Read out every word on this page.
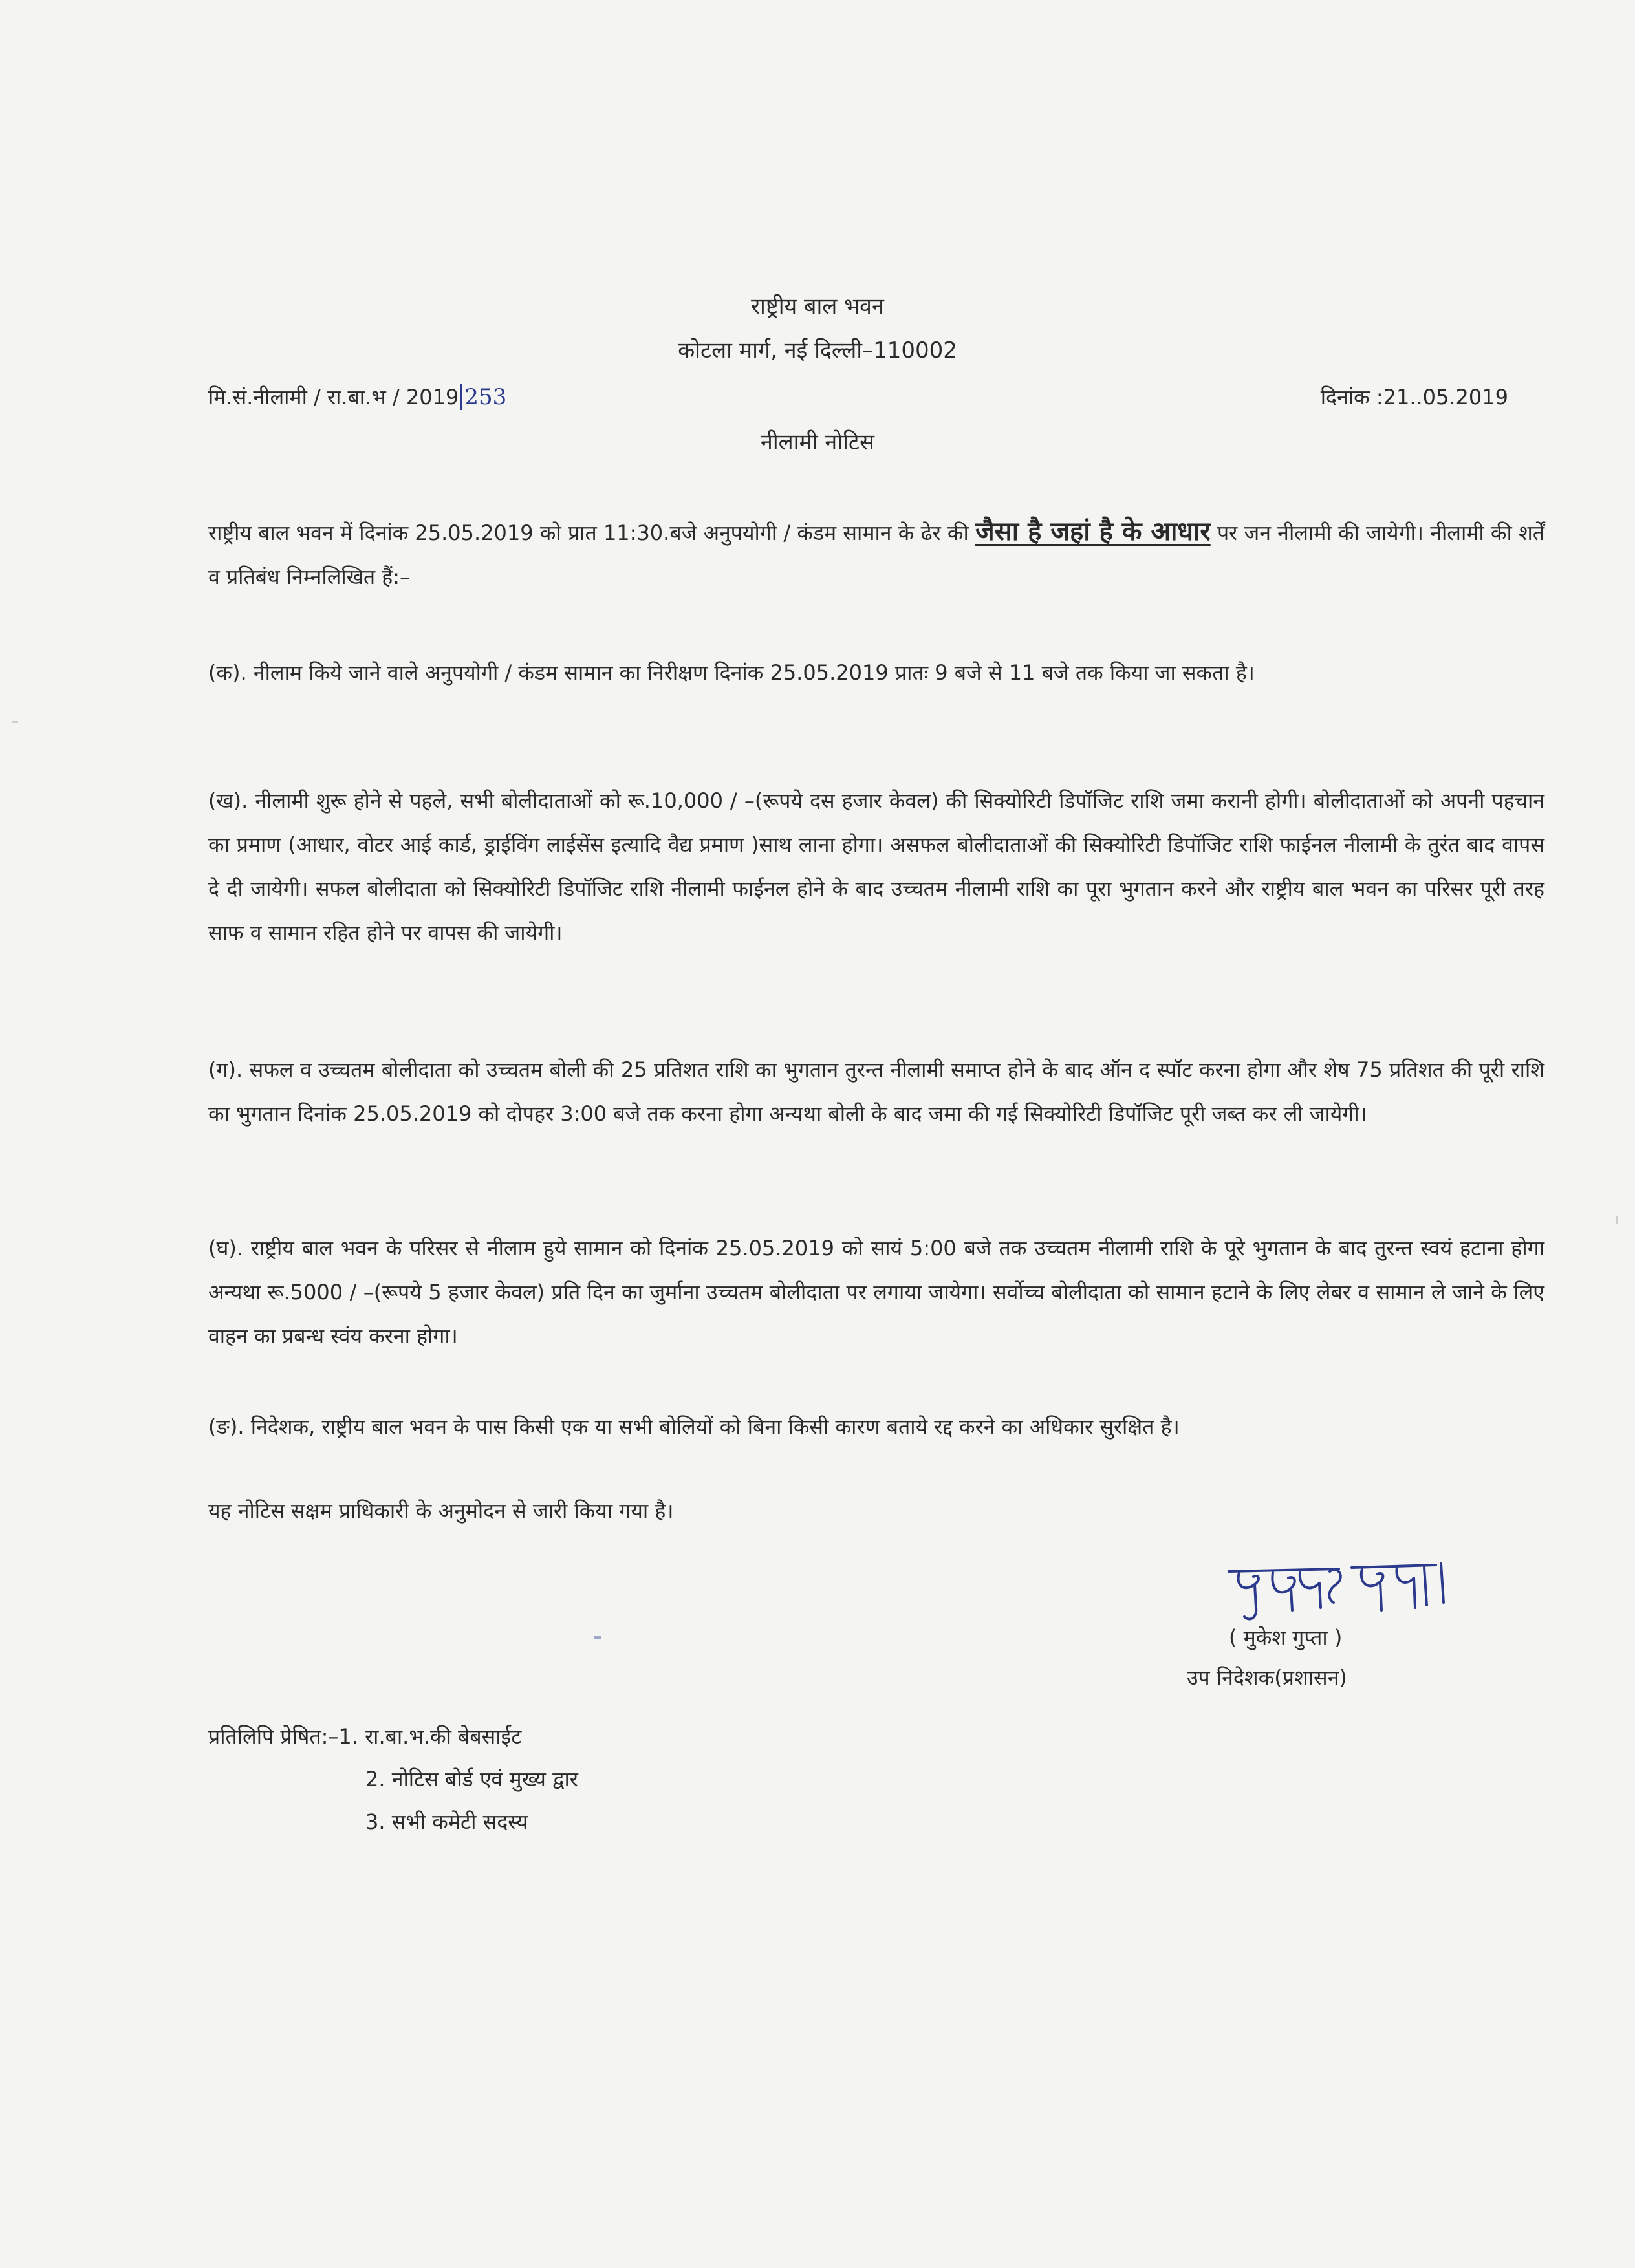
राष्ट्रीय बाल भवन
कोटला मार्ग, नई दिल्ली–110002
मि.सं.नीलामी / रा.बा.भ / 2019 253	दिनांक :21..05.2019
नीलामी नोटिस
राष्ट्रीय बाल भवन में दिनांक 25.05.2019 को प्रात 11:30.बजे अनुपयोगी / कंडम सामान के ढेर की जैसा है जहां है के आधार पर जन नीलामी की जायेगी। नीलामी की शर्तें व प्रतिबंध निम्नलिखित हैं:–
(क). नीलाम किये जाने वाले अनुपयोगी / कंडम सामान का निरीक्षण दिनांक 25.05.2019 प्रातः 9 बजे से 11 बजे तक किया जा सकता है।
(ख). नीलामी शुरू होने से पहले, सभी बोलीदाताओं को रू.10,000 / –(रूपये दस हजार केवल) की सिक्योरिटी डिपॉजिट राशि जमा करानी होगी। बोलीदाताओं को अपनी पहचान का प्रमाण (आधार, वोटर आई कार्ड, ड्राईविंग लाईसेंस इत्यादि वैद्य प्रमाण )साथ लाना होगा। असफल बोलीदाताओं की सिक्योरिटी डिपॉजिट राशि फाईनल नीलामी के तुरंत बाद वापस दे दी जायेगी। सफल बोलीदाता को सिक्योरिटी डिपॉजिट राशि नीलामी फाईनल होने के बाद उच्चतम नीलामी राशि का पूरा भुगतान करने और राष्ट्रीय बाल भवन का परिसर पूरी तरह साफ व सामान रहित होने पर वापस की जायेगी।
(ग). सफल व उच्चतम बोलीदाता को उच्चतम बोली की 25 प्रतिशत राशि का भुगतान तुरन्त नीलामी समाप्त होने के बाद ऑन द स्पॉट करना होगा और शेष 75 प्रतिशत की पूरी राशि का भुगतान दिनांक 25.05.2019 को दोपहर 3:00 बजे तक करना होगा अन्यथा बोली के बाद जमा की गई सिक्योरिटी डिपॉजिट पूरी जब्त कर ली जायेगी।
(घ). राष्ट्रीय बाल भवन के परिसर से नीलाम हुये सामान को दिनांक 25.05.2019 को सायं 5:00 बजे तक उच्चतम नीलामी राशि के पूरे भुगतान के बाद तुरन्त स्वयं हटाना होगा अन्यथा रू.5000 / –(रूपये 5 हजार केवल) प्रति दिन का जुर्माना उच्चतम बोलीदाता पर लगाया जायेगा। सर्वोच्च बोलीदाता को सामान हटाने के लिए लेबर व सामान ले जाने के लिए वाहन का प्रबन्ध स्वंय करना होगा।
(ङ). निदेशक, राष्ट्रीय बाल भवन के पास किसी एक या सभी बोलियों को बिना किसी कारण बताये रद्द करने का अधिकार सुरक्षित है।
यह नोटिस सक्षम प्राधिकारी के अनुमोदन से जारी किया गया है।
( मुकेश गुप्ता )
उप निदेशक(प्रशासन)
प्रतिलिपि प्रेषित:–1. रा.बा.भ.की बेबसाईट
2. नोटिस बोर्ड एवं मुख्य द्वार
3. सभी कमेटी सदस्य
